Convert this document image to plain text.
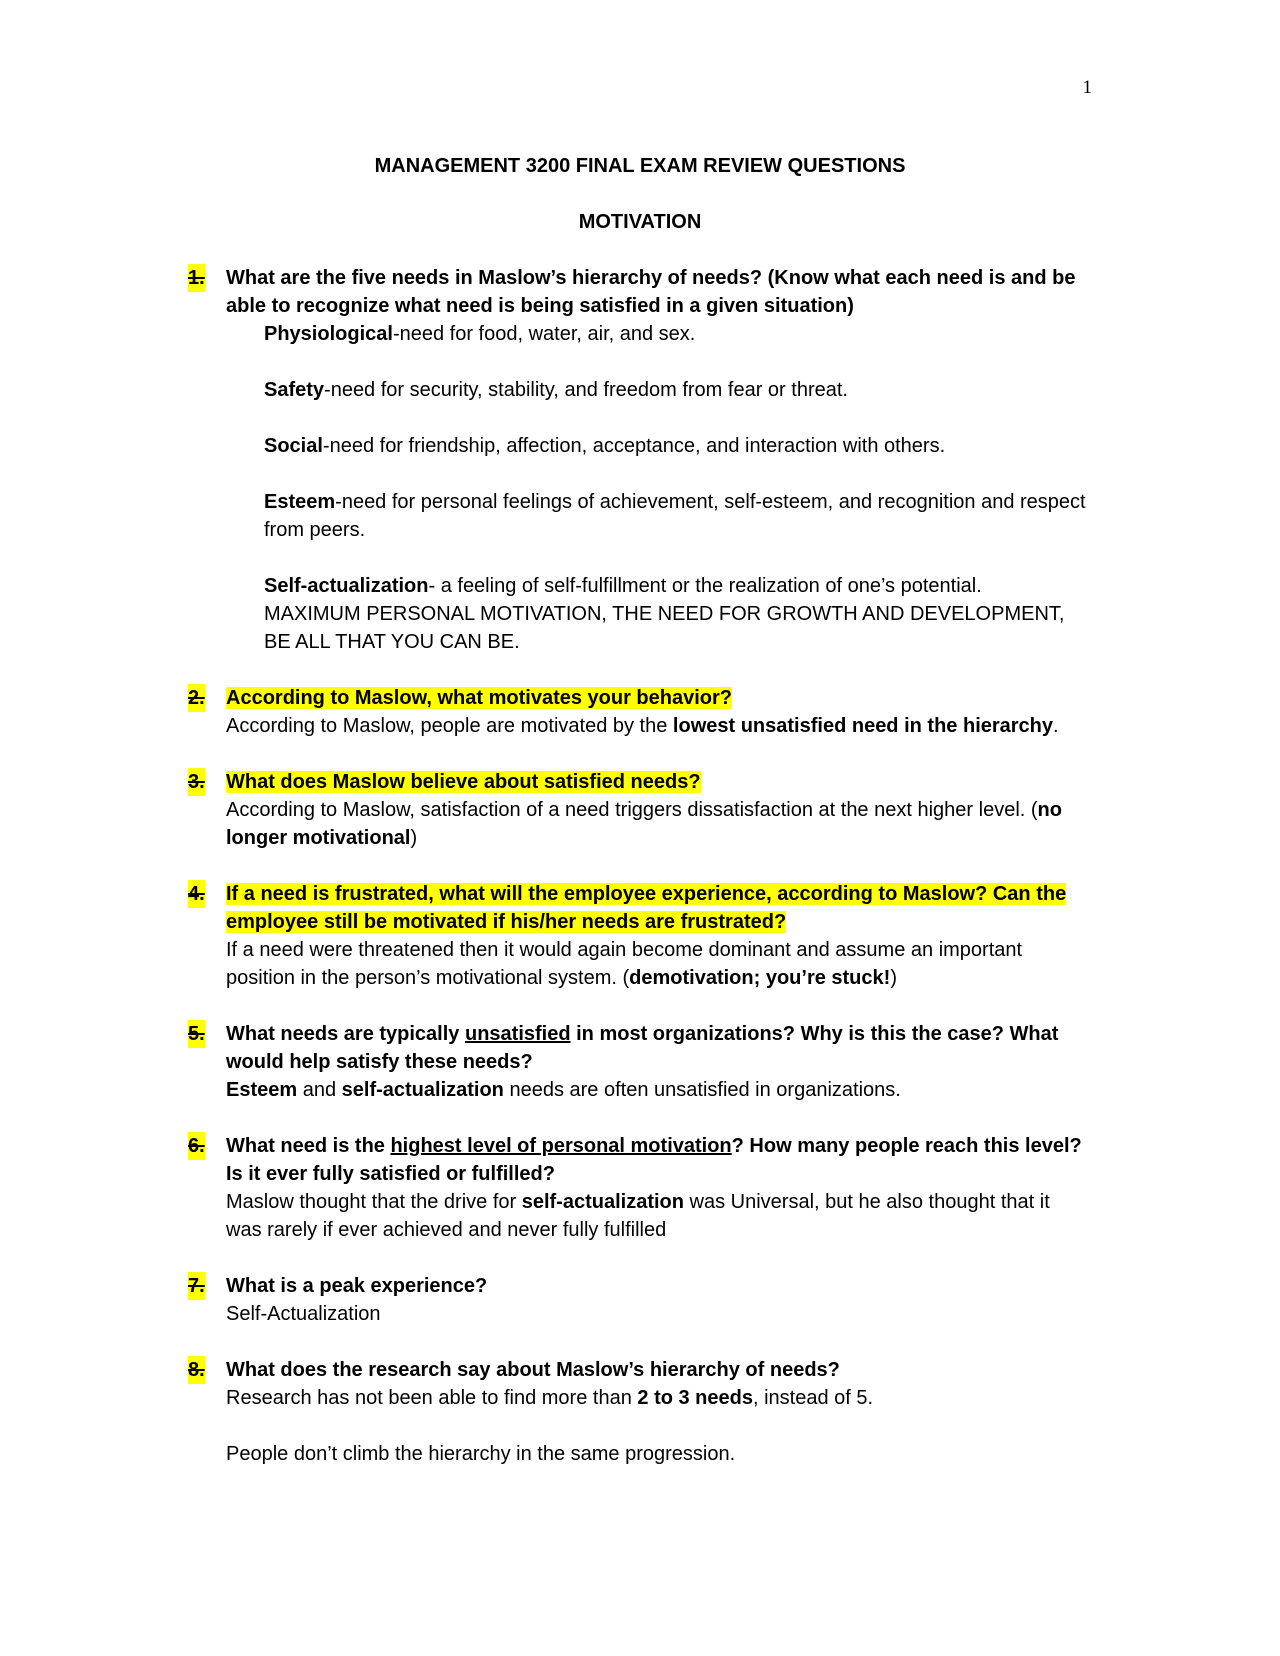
1
MANAGEMENT 3200 FINAL EXAM REVIEW QUESTIONS
MOTIVATION
1. What are the five needs in Maslow’s hierarchy of needs? (Know what each need is and be able to recognize what need is being satisfied in a given situation)
Physiological-need for food, water, air, and sex.
Safety-need for security, stability, and freedom from fear or threat.
Social-need for friendship, affection, acceptance, and interaction with others.
Esteem-need for personal feelings of achievement, self-esteem, and recognition and respect from peers.
Self-actualization- a feeling of self-fulfillment or the realization of one’s potential.
MAXIMUM PERSONAL MOTIVATION, THE NEED FOR GROWTH AND DEVELOPMENT, BE ALL THAT YOU CAN BE.
2. According to Maslow, what motivates your behavior?
According to Maslow, people are motivated by the lowest unsatisfied need in the hierarchy.
3. What does Maslow believe about satisfied needs?
According to Maslow, satisfaction of a need triggers dissatisfaction at the next higher level. (no longer motivational)
4. If a need is frustrated, what will the employee experience, according to Maslow? Can the employee still be motivated if his/her needs are frustrated?
If a need were threatened then it would again become dominant and assume an important position in the person’s motivational system. (demotivation; you’re stuck!)
5. What needs are typically unsatisfied in most organizations? Why is this the case? What would help satisfy these needs?
Esteem and self-actualization needs are often unsatisfied in organizations.
6. What need is the highest level of personal motivation? How many people reach this level? Is it ever fully satisfied or fulfilled?
Maslow thought that the drive for self-actualization was Universal, but he also thought that it was rarely if ever achieved and never fully fulfilled
7. What is a peak experience?
Self-Actualization
8. What does the research say about Maslow’s hierarchy of needs?
Research has not been able to find more than 2 to 3 needs, instead of 5.
People don’t climb the hierarchy in the same progression.
